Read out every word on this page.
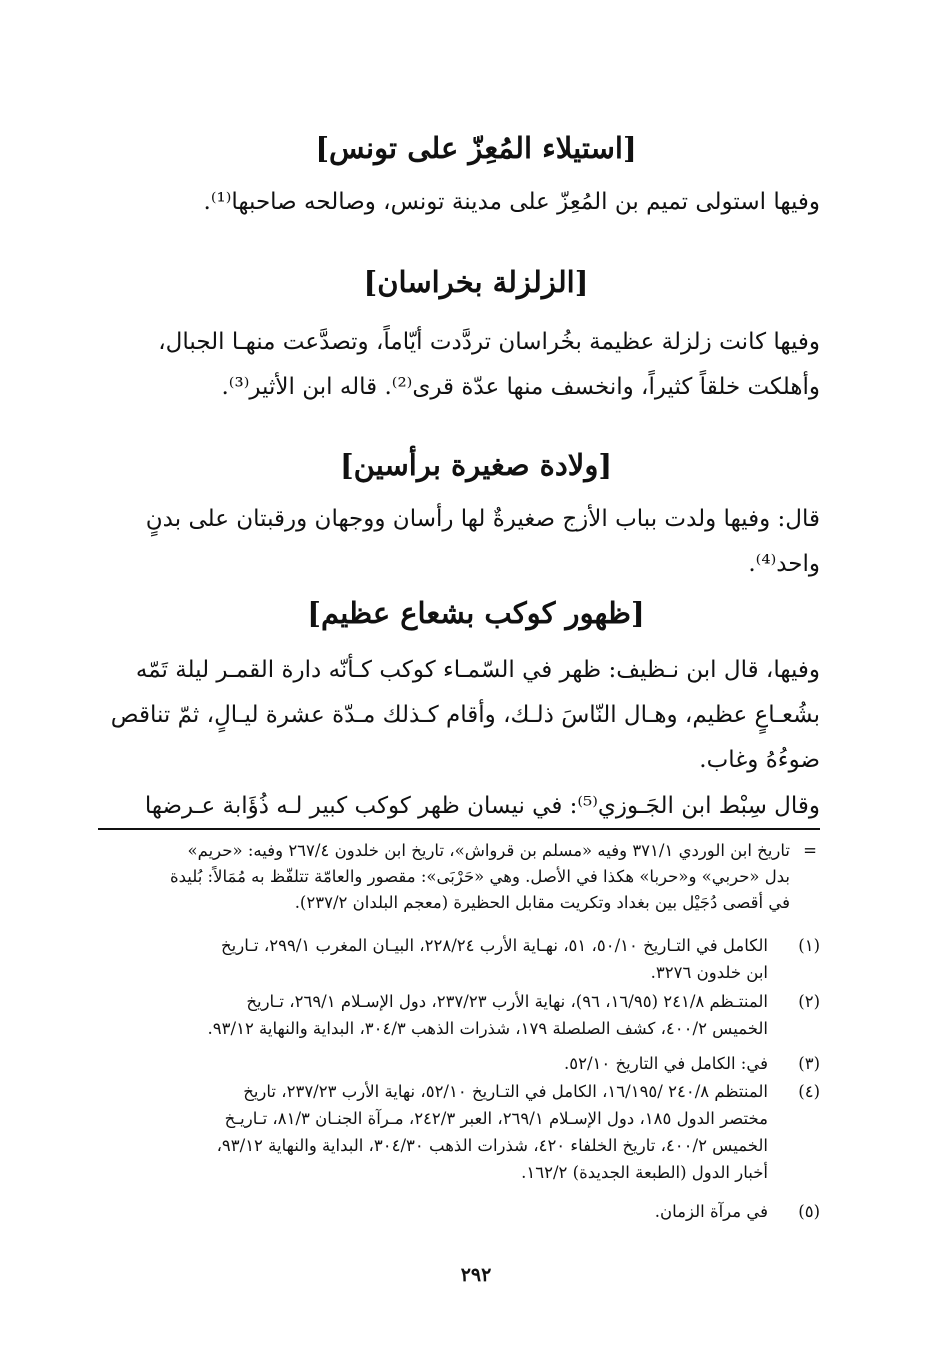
[استيلاء المُعِزّ على تونس]

وفيها استولى تميم بن المُعِزّ على مدينة تونس، وصالحه صاحبها⁽¹⁾.

[الزلزلة بخراسان]

وفيها كانت زلزلة عظيمة بخُراسان تردَّدت أيّاماً، وتصدَّعت منهـا الجبال،
وأهلكت خلقاً كثيراً، وانخسف منها عدّة قرى⁽²⁾. قاله ابن الأثير⁽³⁾.

[ولادة صغيرة برأسين]

قال: وفيها ولدت بباب الأزج صغيرةٌ لها رأسان ووجهان ورقبتان على بدنٍ
واحد⁽⁴⁾.

[ظهور كوكب بشعاع عظيم]

وفيها، قال ابن نـظيف: ظهر في السّمـاء كوكب كـأنّه دارة القمـر ليلة تَمّه
بشُعـاعٍ عظيم، وهـال النّاسَ ذلـك، وأقام كـذلك مـدّة عشرة ليـالٍ، ثمّ تناقص
ضوءُهُ وغاب.

وقال سِبْط ابن الجَـوزي⁽⁵⁾: في نيسان ظهر كوكب كبير لـه ذُؤَابة عـرضها

=
تاريخ ابن الوردي ٣٧١/١ وفيه «مسلم بن قرواش»، تاريخ ابن خلدون ٢٦٧/٤ وفيه: «حريم»
بدل «حربي» و«حربا» هكذا في الأصل. وهي «حَرْبَى»: مقصور والعامّة تتلفّظ به مُمَالاً: بُليدة
في أقصى دُجَيْل بين بغداد وتكريت مقابل الحظيرة (معجم البلدان ٢٣٧/٢).
(١)
الكامل في التـاريخ ٥٠/١٠، ٥١، نهـاية الأرب ٢٢٨/٢٤، البيـان المغرب ٢٩٩/١، تـاريخ
ابن خلدون ٣٢٧٦.
(٢)
المنتـظم ٢٤١/٨ (١٦/٩٥، ٩٦)، نهاية الأرب ٢٣٧/٢٣، دول الإسـلام ٢٦٩/١، تـاريخ
الخميس ٤٠٠/٢، كشف الصلصلة ١٧٩، شذرات الذهب ٣٠٤/٣، البداية والنهاية ٩٣/١٢.
(٣)
في: الكامل في التاريخ ٥٢/١٠.
(٤)
المنتظم ٢٤٠/٨ /١٦/١٩٥، الكامل في التـاريخ ٥٢/١٠، نهاية الأرب ٢٣٧/٢٣، تاريخ
مختصر الدول ١٨٥، دول الإسـلام ٢٦٩/١، العبر ٢٤٢/٣، مـرآة الجنـان ٨١/٣، تـاريـخ
الخميس ٤٠٠/٢، تاريخ الخلفاء ٤٢٠، شذرات الذهب ٣٠٤/٣٠، البداية والنهاية ٩٣/١٢،
أخبار الدول (الطبعة الجديدة) ١٦٢/٢.
(٥)
في مرآة الزمان.
٢٩٢
